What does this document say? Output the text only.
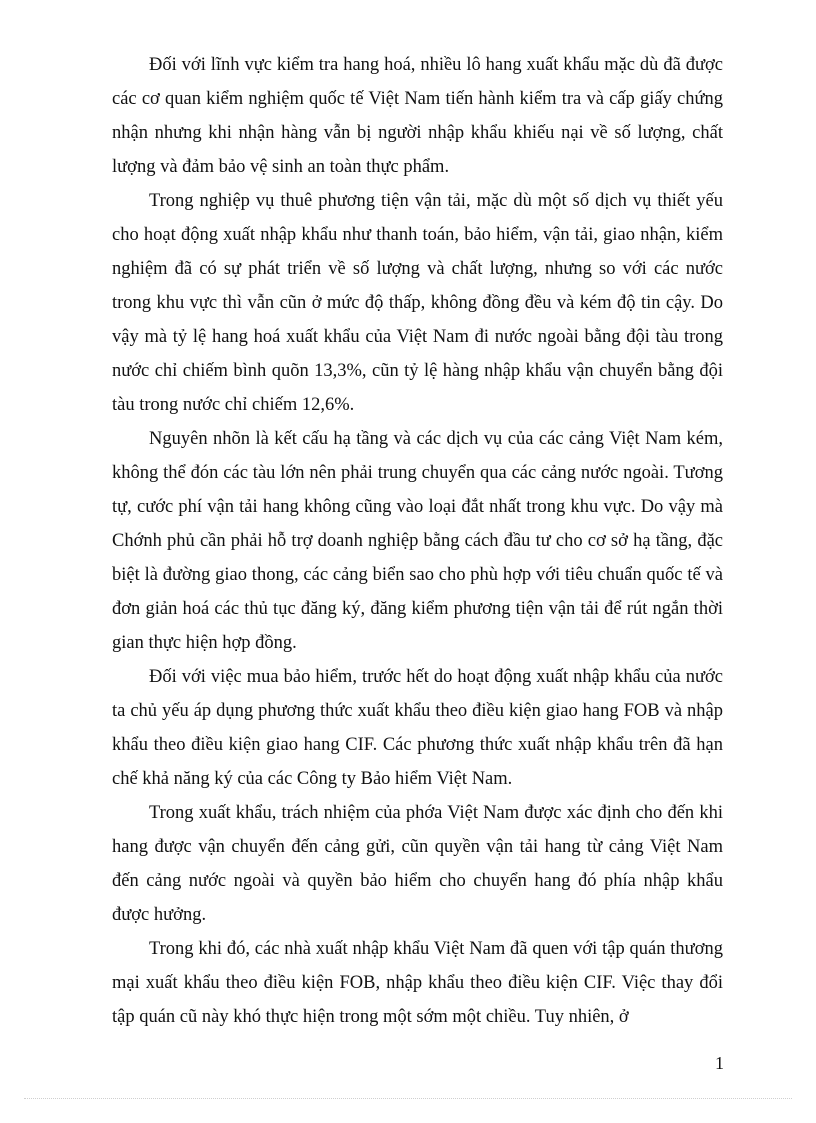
Đối với lĩnh vực kiểm tra hang hoá, nhiều lô hang xuất khẩu mặc dù đã được các cơ quan kiểm nghiệm quốc tế Việt Nam tiến hành kiểm tra và cấp giấy chứng nhận nhưng khi nhận hàng vẫn bị người nhập khẩu khiếu nại về số lượng, chất lượng và đảm bảo vệ sinh an toàn thực phẩm.

Trong nghiệp vụ thuê phương tiện vận tải, mặc dù một số dịch vụ thiết yếu cho hoạt động xuất nhập khẩu như thanh toán, bảo hiểm, vận tải, giao nhận, kiểm nghiệm đã có sự phát triển về số lượng và chất lượng, nhưng so với các nước trong khu vực thì vẫn cũn ở mức độ thấp, không đồng đều và kém độ tin cậy. Do vậy mà tỷ lệ hang hoá xuất khẩu của Việt Nam đi nước ngoài bằng đội tàu trong nước chỉ chiếm bình quõn 13,3%, cũn tỷ lệ hàng nhập khẩu vận chuyển bằng đội tàu trong nước chỉ chiếm 12,6%.

Nguyên nhõn là kết cấu hạ tầng và các dịch vụ của các cảng Việt Nam kém, không thể đón các tàu lớn nên phải trung chuyển qua các cảng nước ngoài. Tương tự, cước phí vận tải hang không cũng vào loại đắt nhất trong khu vực. Do vậy mà Chớnh phủ cần phải hỗ trợ doanh nghiệp bằng cách đầu tư cho cơ sở hạ tầng, đặc biệt là đường giao thong, các cảng biển sao cho phù hợp với tiêu chuẩn quốc tế và đơn giản hoá các thủ tục đăng ký, đăng kiểm phương tiện vận tải để rút ngắn thời gian thực hiện hợp đồng.

Đối với việc mua bảo hiểm, trước hết do hoạt động xuất nhập khẩu của nước ta chủ yếu áp dụng phương thức xuất khẩu theo điều kiện giao hang FOB và nhập khẩu theo điều kiện giao hang CIF. Các phương thức xuất nhập khẩu trên đã hạn chế khả năng ký của các Công ty Bảo hiểm Việt Nam.

Trong xuất khẩu, trách nhiệm của phớa Việt Nam được xác định cho đến khi hang được vận chuyển đến cảng gửi, cũn quyền vận tải hang từ cảng Việt Nam đến cảng nước ngoài và quyền bảo hiểm cho chuyển hang đó phía nhập khẩu được hưởng.

Trong khi đó, các nhà xuất nhập khẩu Việt Nam đã quen với tập quán thương mại xuất khẩu theo điều kiện FOB, nhập khẩu theo điều kiện CIF. Việc thay đổi tập quán cũ này khó thực hiện trong một sớm một chiều. Tuy nhiên, ở

1
